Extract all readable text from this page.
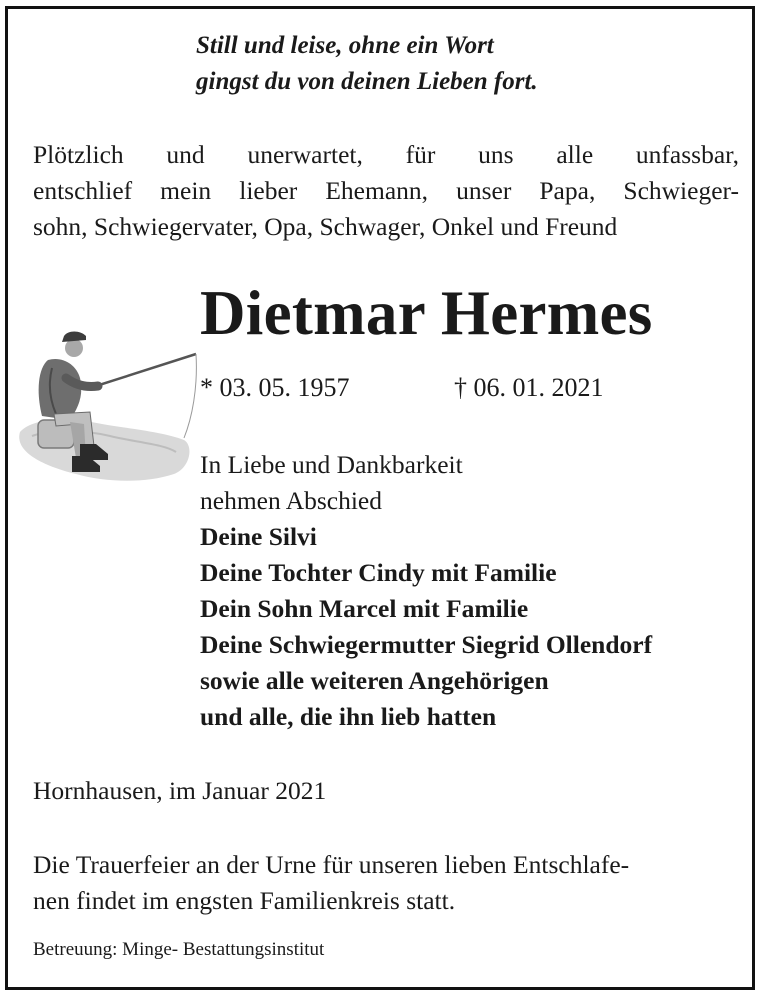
Still und leise, ohne ein Wort
gingst du von deinen Lieben fort.
Plötzlich und unerwartet, für uns alle unfassbar,
entschlief mein lieber Ehemann, unser Papa, Schwieger-
sohn, Schwiegervater, Opa, Schwager, Onkel und Freund
Dietmar Hermes
* 03. 05. 1957	† 06. 01. 2021
In Liebe und Dankbarkeit
nehmen Abschied
Deine Silvi
Deine Tochter Cindy mit Familie
Dein Sohn Marcel mit Familie
Deine Schwiegermutter Siegrid Ollendorf
sowie alle weiteren Angehörigen
und alle, die ihn lieb hatten
Hornhausen, im Januar 2021
Die Trauerfeier an der Urne für unseren lieben Entschlafe-
nen findet im engsten Familienkreis statt.
Betreuung: Minge- Bestattungsinstitut
